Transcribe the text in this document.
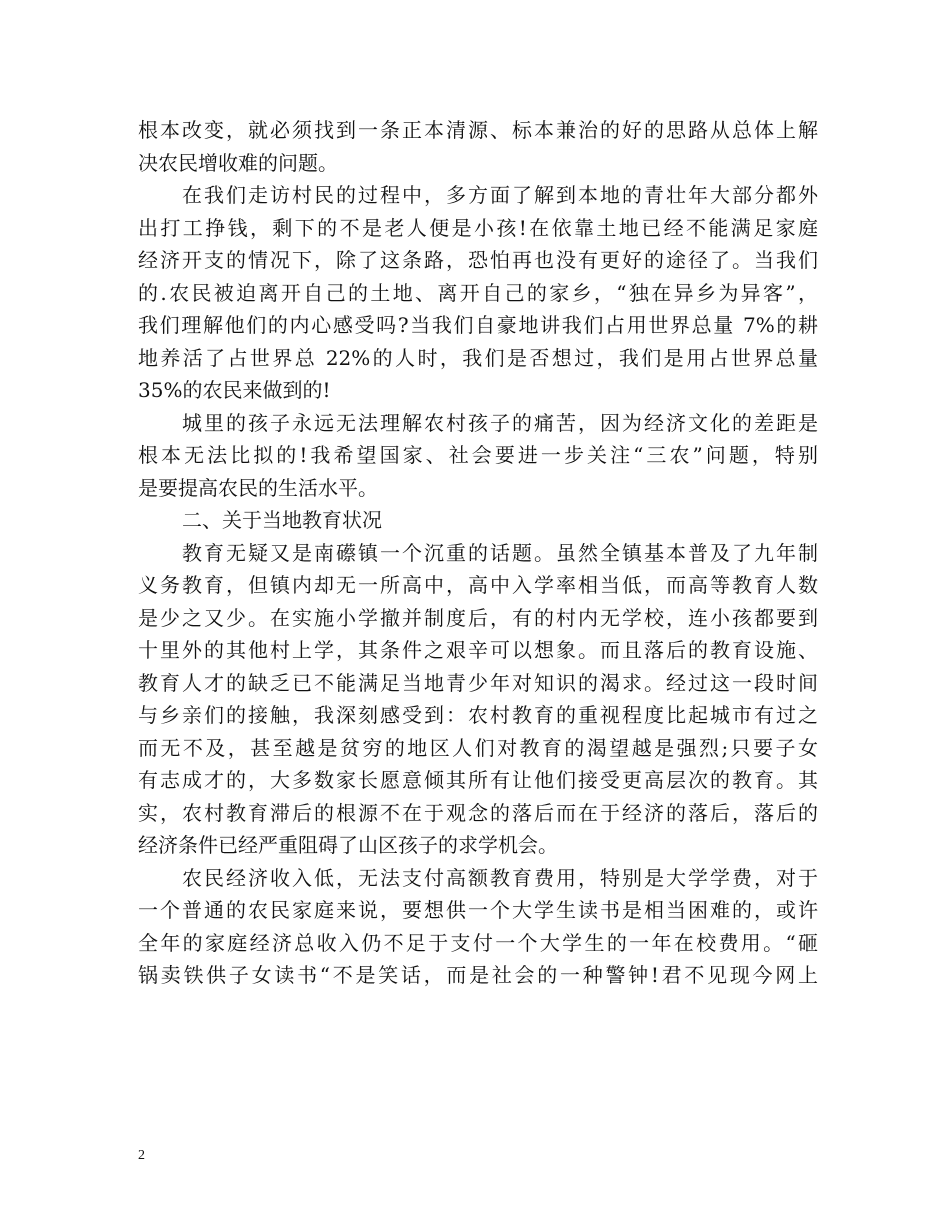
根本改变，就必须找到一条正本清源、标本兼治的好的思路从总体上解
决农民增收难的问题。
在我们走访村民的过程中，多方面了解到本地的青壮年大部分都外
出打工挣钱，剩下的不是老人便是小孩!在依靠土地已经不能满足家庭
经济开支的情况下，除了这条路，恐怕再也没有更好的途径了。当我们
的.农民被迫离开自己的土地、离开自己的家乡，“独在异乡为异客”，
我们理解他们的内心感受吗?当我们自豪地讲我们占用世界总量 7%的耕
地养活了占世界总 22%的人时，我们是否想过，我们是用占世界总量
35%的农民来做到的!
城里的孩子永远无法理解农村孩子的痛苦，因为经济文化的差距是
根本无法比拟的!我希望国家、社会要进一步关注“三农”问题，特别
是要提高农民的生活水平。
二、关于当地教育状况
教育无疑又是南礤镇一个沉重的话题。虽然全镇基本普及了九年制
义务教育，但镇内却无一所高中，高中入学率相当低，而高等教育人数
是少之又少。在实施小学撤并制度后，有的村内无学校，连小孩都要到
十里外的其他村上学，其条件之艰辛可以想象。而且落后的教育设施、
教育人才的缺乏已不能满足当地青少年对知识的渴求。经过这一段时间
与乡亲们的接触，我深刻感受到：农村教育的重视程度比起城市有过之
而无不及，甚至越是贫穷的地区人们对教育的渴望越是强烈;只要子女
有志成才的，大多数家长愿意倾其所有让他们接受更高层次的教育。其
实，农村教育滞后的根源不在于观念的落后而在于经济的落后，落后的
经济条件已经严重阻碍了山区孩子的求学机会。
农民经济收入低，无法支付高额教育费用，特别是大学学费，对于
一个普通的农民家庭来说，要想供一个大学生读书是相当困难的，或许
全年的家庭经济总收入仍不足于支付一个大学生的一年在校费用。“砸
锅卖铁供子女读书“不是笑话，而是社会的一种警钟!君不见现今网上
2
